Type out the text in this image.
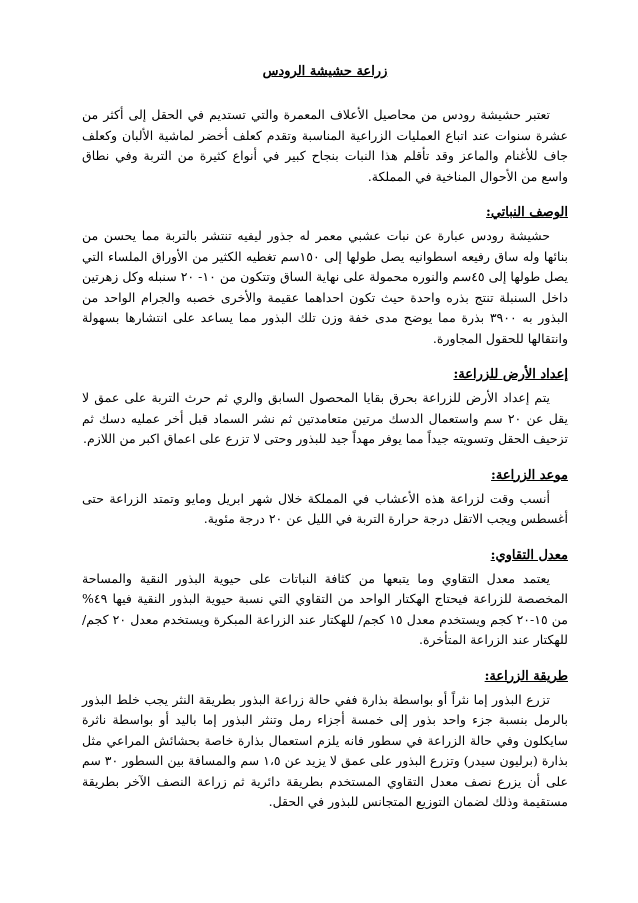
زراعة حشيشة الرودس

تعتبر حشيشة رودس من محاصيل الأعلاف المعمرة والتي تستديم في الحقل إلى أكثر من عشرة سنوات عند اتباع العمليات الزراعية المناسبة وتقدم كعلف أخضر لماشية الألبان وكعلف جاف للأغنام والماعز وقد تأقلم هذا النبات بنجاح كبير في أنواع كثيرة من التربة وفي نطاق واسع من الأحوال المناخية في المملكة.

الوصف النباتي:

حشيشة رودس عبارة عن نبات عشبي معمر له جذور ليفيه تنتشر بالتربة مما يحسن من بنائها وله ساق رفيعه اسطوانيه يصل طولها إلى ١٥٠سم تغطيه الكثير من الأوراق الملساء التي يصل طولها إلى ٤٥سم والنوره محمولة على نهاية الساق وتتكون من ١٠- ٢٠ سنبله وكل زهرتين داخل السنبلة تنتج بذره واحدة حيث تكون احداهما عقيمة والأخرى خصبه والجرام الواحد من البذور به ٣٩٠٠ بذرة مما يوضح مدى خفة وزن تلك البذور مما يساعد على انتشارها بسهولة وانتقالها للحقول المجاورة.

إعداد الأرض للزراعة:

يتم إعداد الأرض للزراعة بحرق بقايا المحصول السابق والري ثم حرث التربة على عمق لا يقل عن ٢٠ سم واستعمال الدسك مرتين متعامدتين ثم نشر السماد قبل أخر عمليه دسك ثم تزحيف الحقل وتسويته جيداً مما يوفر مهداً جيد للبذور وحتى لا تزرع على اعماق اكبر من اللازم.

موعد الزراعة:

أنسب وقت لزراعة هذه الأعشاب في المملكة خلال شهر ابريل ومايو وتمتد الزراعة حتى أغسطس ويجب الاتقل درجة حرارة التربة في الليل عن ٢٠ درجة مئوية.

معدل التقاوي:

يعتمد معدل التقاوي وما يتبعها من كثافة النباتات على حيوية البذور النقية والمساحة المخصصة للزراعة فيحتاج الهكتار الواحد من التقاوي التي نسبة حيوية البذور النقية فيها ٤٩% من ١٥-٢٠ كجم ويستخدم معدل ١٥ كجم/ للهكتار عند الزراعة المبكرة ويستخدم معدل ٢٠ كجم/للهكتار عند الزراعة المتأخرة.

طريقة الزراعة:

تزرع البذور إما نثراً أو بواسطة بذارة ففي حالة زراعة البذور بطريقة النثر يجب خلط البذور بالرمل بنسبة جزء واحد بذور إلى خمسة أجزاء رمل وتنثر البذور إما باليد أو بواسطة ناثرة سايكلون وفي حالة الزراعة في سطور فانه يلزم استعمال بذارة خاصة بحشائش المراعي مثل بذارة (برليون سيدر) وتزرع البذور على عمق لا يزيد عن ١،٥ سم والمسافة بين السطور ٣٠ سم على أن يزرع نصف معدل التقاوي المستخدم بطريقة دائرية ثم زراعة النصف الآخر بطريقة مستقيمة وذلك لضمان التوزيع المتجانس للبذور في الحقل.
